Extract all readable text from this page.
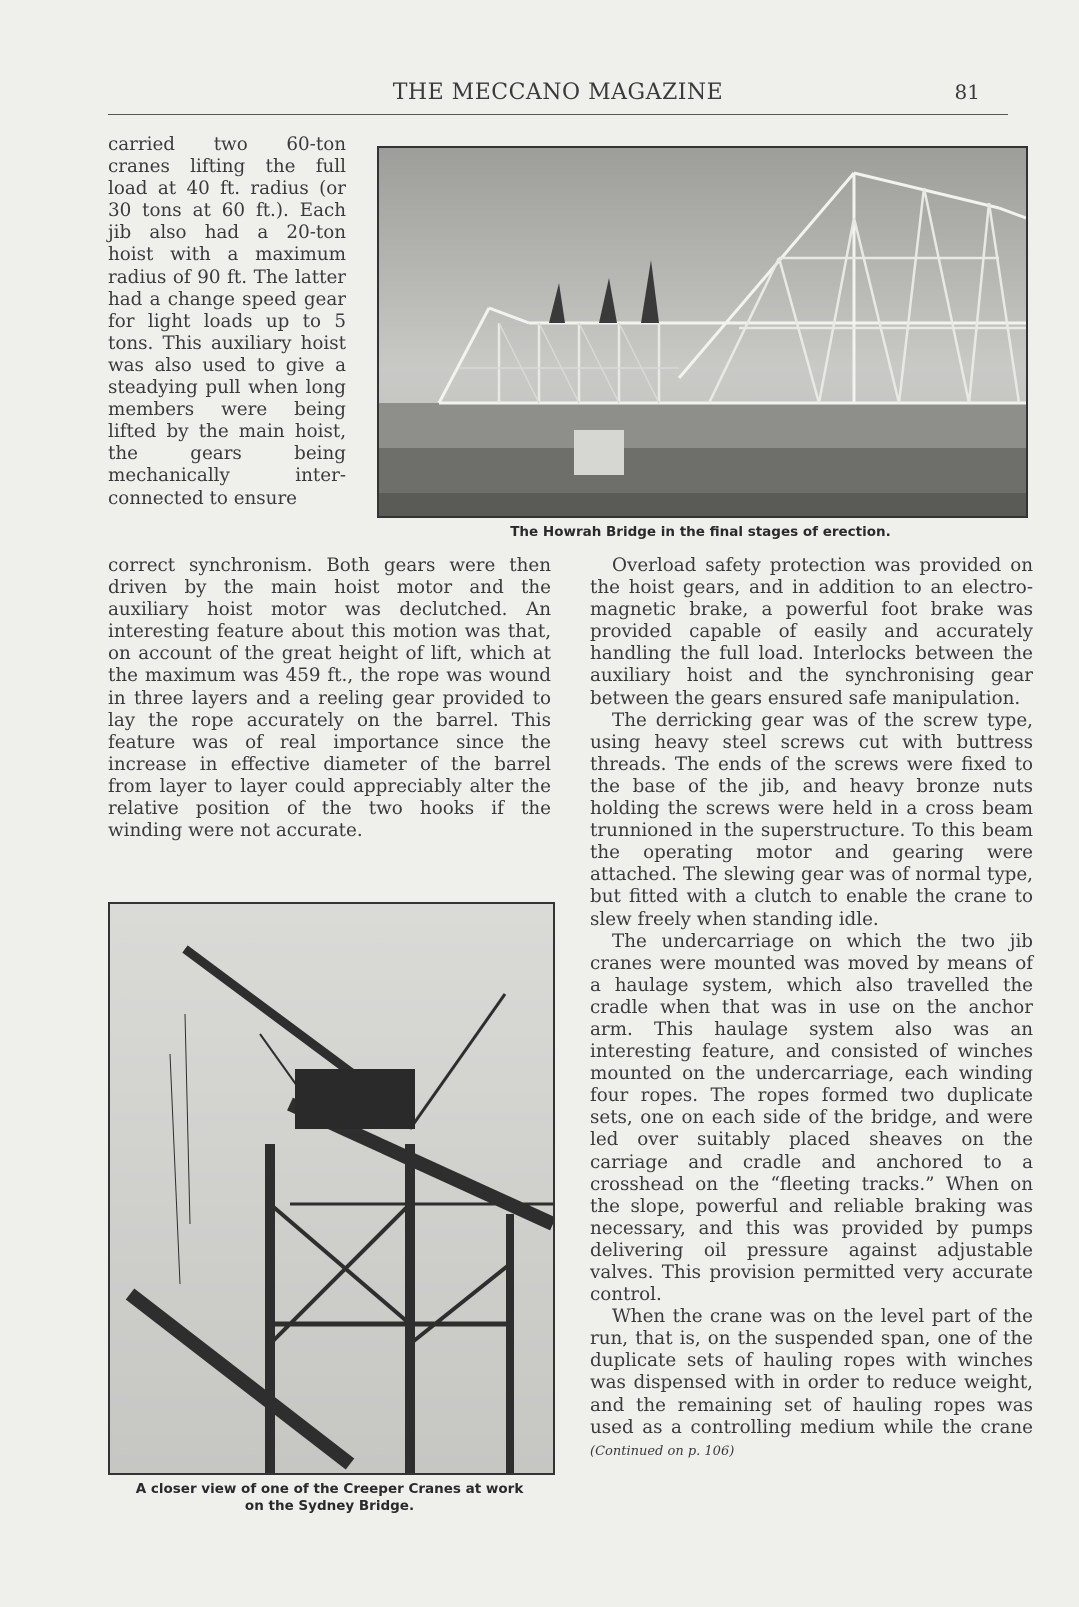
THE MECCANO MAGAZINE	81

carried two 60-ton cranes lifting the full load at 40 ft. radius (or 30 tons at 60 ft.). Each jib also had a 20-ton hoist with a maximum radius of 90 ft. The latter had a change speed gear for light loads up to 5 tons. This auxiliary hoist was also used to give a steadying pull when long members were being lifted by the main hoist, the gears being mechanically inter-connected to ensure

The Howrah Bridge in the final stages of erection.

correct synchronism. Both gears were then driven by the main hoist motor and the auxiliary hoist motor was declutched. An interesting feature about this motion was that, on account of the great height of lift, which at the maximum was 459 ft., the rope was wound in three layers and a reeling gear provided to lay the rope accurately on the barrel. This feature was of real importance since the increase in effective diameter of the barrel from layer to layer could appreciably alter the relative position of the two hooks if the winding were not accurate.

A closer view of one of the Creeper Cranes at work
on the Sydney Bridge.

Overload safety protection was provided on the hoist gears, and in addition to an electro-magnetic brake, a powerful foot brake was provided capable of easily and accurately handling the full load. Interlocks between the auxiliary hoist and the synchronising gear between the gears ensured safe manipulation.

The derricking gear was of the screw type, using heavy steel screws cut with buttress threads. The ends of the screws were fixed to the base of the jib, and heavy bronze nuts holding the screws were held in a cross beam trunnioned in the superstructure. To this beam the operating motor and gearing were attached. The slewing gear was of normal type, but fitted with a clutch to enable the crane to slew freely when standing idle.

The undercarriage on which the two jib cranes were mounted was moved by means of a haulage system, which also travelled the cradle when that was in use on the anchor arm. This haulage system also was an interesting feature, and consisted of winches mounted on the undercarriage, each winding four ropes. The ropes formed two duplicate sets, one on each side of the bridge, and were led over suitably placed sheaves on the carriage and cradle and anchored to a crosshead on the “fleeting tracks.” When on the slope, powerful and reliable braking was necessary, and this was provided by pumps delivering oil pressure against adjustable valves. This provision permitted very accurate control.

When the crane was on the level part of the run, that is, on the suspended span, one of the duplicate sets of hauling ropes with winches was dispensed with in order to reduce weight, and the remaining set of hauling ropes was used as a controlling medium while the crane (Continued on p. 106)
